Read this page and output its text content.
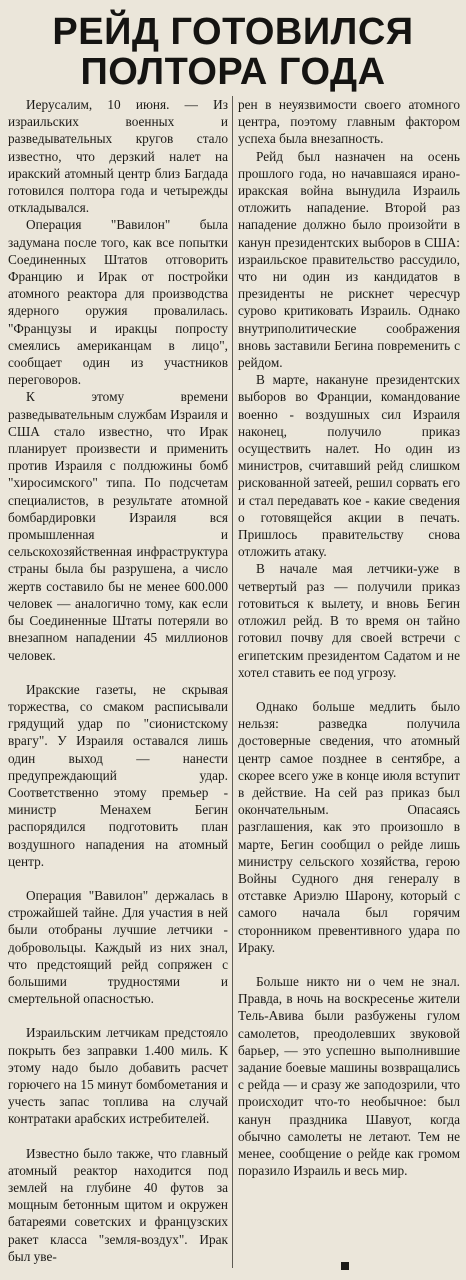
РЕЙД ГОТОВИЛСЯ
ПОЛТОРА ГОДА

Иерусалим, 10 июня. — Из израильских военных и разведывательных кругов стало известно, что дерзкий налет на иракский атомный центр близ Багдада готовился полтора года и четырежды откладывался.

Операция "Вавилон" была задумана после того, как все попытки Соединенных Штатов отговорить Францию и Ирак от постройки атомного реактора для производства ядерного оружия провалилась. "Французы и иракцы попросту смеялись американцам в лицо", сообщает один из участников переговоров.

К этому времени разведывательным службам Израиля и США стало известно, что Ирак планирует произвести и применить против Израиля с полдюжины бомб "хиросимского" типа. По подсчетам специалистов, в результате атомной бомбардировки Израиля вся промышленная и сельскохозяйственная инфраструктура страны была бы разрушена, а число жертв составило бы не менее 600.000 человек — аналогично тому, как если бы Соединенные Штаты потеряли во внезапном нападении 45 миллионов человек.

Иракские газеты, не скрывая торжества, со смаком расписывали грядущий удар по "сионистскому врагу". У Израиля оставался лишь один выход — нанести предупреждающий удар. Соответственно этому премьер - министр Менахем Бегин распорядился подготовить план воздушного нападения на атомный центр.

Операция "Вавилон" держалась в строжайшей тайне. Для участия в ней были отобраны лучшие летчики - добровольцы. Каждый из них знал, что предстоящий рейд сопряжен с большими трудностями и смертельной опасностью.

Израильским летчикам предстояло покрыть без заправки 1.400 миль. К этому надо было добавить расчет горючего на 15 минут бомбометания и учесть запас топлива на случай контратаки арабских истребителей.

Известно было также, что главный атомный реактор находится под землей на глубине 40 футов за мощным бетонным щитом и окружен батареями советских и французских ракет класса "земля-воздух". Ирак был уве-

рен в неуязвимости своего атомного центра, поэтому главным фактором успеха была внезапность.

Рейд был назначен на осень прошлого года, но начавшаяся ирано-иракская война вынудила Израиль отложить нападение. Второй раз нападение должно было произойти в канун президентских выборов в США: израильское правительство рассудило, что ни один из кандидатов в президенты не рискнет чересчур сурово критиковать Израиль. Однако внутриполитические соображения вновь заставили Бегина повременить с рейдом.

В марте, накануне президентских выборов во Франции, командование военно - воздушных сил Израиля наконец, получило приказ осуществить налет. Но один из министров, считавший рейд слишком рискованной затеей, решил сорвать его и стал передавать кое - какие сведения о готовящейся акции в печать. Пришлось правительству снова отложить атаку.

В начале мая летчики-уже в четвертый раз — получили приказ готовиться к вылету, и вновь Бегин отложил рейд. В то время он тайно готовил почву для своей встречи с египетским президентом Садатом и не хотел ставить ее под угрозу.

Однако больше медлить было нельзя: разведка получила достоверные сведения, что атомный центр самое позднее в сентябре, а скорее всего уже в конце июля вступит в действие. На сей раз приказ был окончательным. Опасаясь разглашения, как это произошло в марте, Бегин сообщил о рейде лишь министру сельского хозяйства, герою Войны Судного дня генералу в отставке Ариэлю Шарону, который с самого начала был горячим сторонником превентивного удара по Ираку.

Больше никто ни о чем не знал. Правда, в ночь на воскресенье жители Тель-Авива были разбужены гулом самолетов, преодолевших звуковой барьер, — это успешно выполнившие задание боевые машины возвращались с рейда — и сразу же заподозрили, что происходит что-то необычное: был канун праздника Шавуот, когда обычно самолеты не летают. Тем не менее, сообщение о рейде как громом поразило Израиль и весь мир.
